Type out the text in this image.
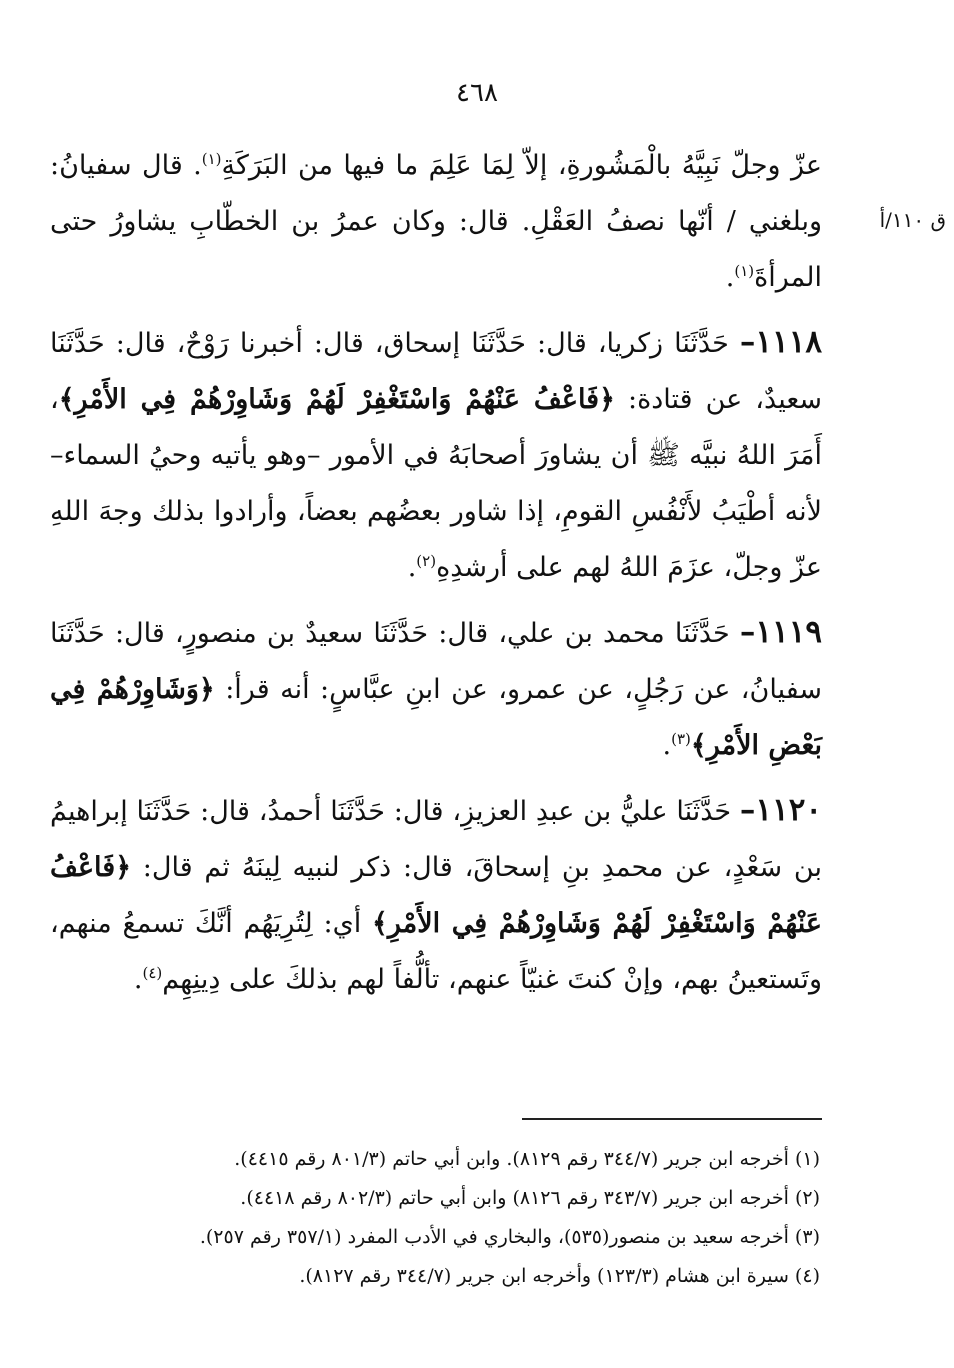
٤٦٨
ق ١١٠/أ

عزّ وجلّ نَبِيَّهُ بالْمَشُورةِ، إلاّ لِمَا عَلِمَ ما فيها من البَرَكَةِ$^{(١)}$. قال سفيانُ: وبلغني / أنّها نصفُ العَقْلِ. قال: وكان عمرُ بن الخطّابِ يشاورُ حتى المرأةَ$^{(١)}$.

١١١٨– حَدَّثَنَا زكريا، قال: حَدَّثَنَا إسحاق، قال: أخبرنا رَوْحٌ، قال: حَدَّثَنَا سعيدٌ، عن قتادة: ﴿فَاعْفُ عَنْهُمْ وَاسْتَغْفِرْ لَهُمْ وَشَاوِرْهُمْ فِي الأَمْرِ﴾، أَمَرَ اللهُ نبيَّه ﷺ أن يشاورَ أصحابَهُ في الأمور –وهو يأتيه وحيُ السماء– لأنه أطْيَبُ لأَنْفُسِ القومِ، إذا شاور بعضُهم بعضاً، وأرادوا بذلك وجهَ اللهِ عزّ وجلّ، عزَمَ اللهُ لهم على أرشدِهِ$^{(٢)}$.

١١١٩– حَدَّثَنَا محمد بن علي، قال: حَدَّثَنَا سعيدٌ بن منصورٍ، قال: حَدَّثَنَا سفيانُ، عن رَجُلٍ، عن عمرو، عن ابنِ عبَّاسٍ: أنه قرأ: ﴿وَشَاوِرْهُمْ فِي بَعْضِ الأَمْرِ﴾$^{(٣)}$.

١١٢٠– حَدَّثَنَا عليُّ بن عبدِ العزيزِ، قال: حَدَّثَنَا أحمدُ، قال: حَدَّثَنَا إبراهيمُ بن سَعْدٍ، عن محمدِ بنِ إسحاقَ، قال: ذكر لنبيه لِينَهُ ثم قال: ﴿فَاعْفُ عَنْهُمْ وَاسْتَغْفِرْ لَهُمْ وَشَاوِرْهُمْ فِي الأَمْرِ﴾ أي: لِتُرِيَهُم أنَّكَ تسمعُ منهم، وتَستعينُ بهم، وإنْ كنتَ غنيّاً عنهم، تألُّفاً لهم بذلكَ على دِينِهِم$^{(٤)}$.

(١) أخرجه ابن جرير (٣٤٤/٧ رقم ٨١٢٩). وابن أبي حاتم (٨٠١/٣ رقم ٤٤١٥).
(٢) أخرجه ابن جرير (٣٤٣/٧ رقم ٨١٢٦) وابن أبي حاتم (٨٠٢/٣ رقم ٤٤١٨).
(٣) أخرجه سعيد بن منصور(٥٣٥)، والبخاري في الأدب المفرد (٣٥٧/١ رقم ٢٥٧).
(٤) سيرة ابن هشام (١٢٣/٣) وأخرجه ابن جرير (٣٤٤/٧ رقم ٨١٢٧).
